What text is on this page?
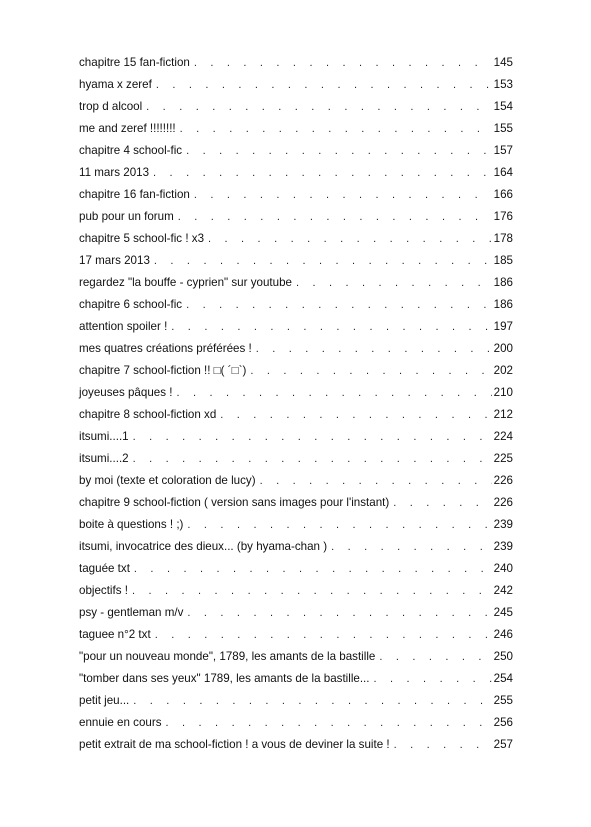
chapitre 15 fan-fiction . . .	145
hyama x zeref . . .	153
trop d alcool . . .	154
me and zeref !!!!!!!! . . .	155
chapitre 4 school-fic . . .	157
11 mars 2013 . . .	164
chapitre 16 fan-fiction . . .	166
pub pour un forum . . .	176
chapitre 5 school-fic ! x3 . . .	178
17 mars 2013 . . .	185
regardez "la bouffe - cyprien" sur youtube . . .	186
chapitre 6 school-fic . . .	186
attention spoiler ! . . .	197
mes quatres créations préférées ! . . .	200
chapitre 7 school-fiction !! □( ´□`) . . .	202
joyeuses pâques ! . . .	210
chapitre 8 school-fiction xd . . .	212
itsumi....1 . . .	224
itsumi....2 . . .	225
by moi (texte et coloration de lucy) . . .	226
chapitre 9 school-fiction ( version sans images pour l'instant) . . .	226
boite à questions ! ;) . . .	239
itsumi, invocatrice des dieux... (by hyama-chan ) . . .	239
taguée txt . . .	240
objectifs ! . . .	242
psy - gentleman m/v . . .	245
taguee n°2 txt . . .	246
"pour un nouveau monde", 1789, les amants de la bastille . . .	250
"tomber dans ses yeux" 1789, les amants de la bastille... . . .	254
petit jeu... . . .	255
ennuie en cours . . .	256
petit extrait de ma school-fiction ! a vous de deviner la suite ! . . .	257
